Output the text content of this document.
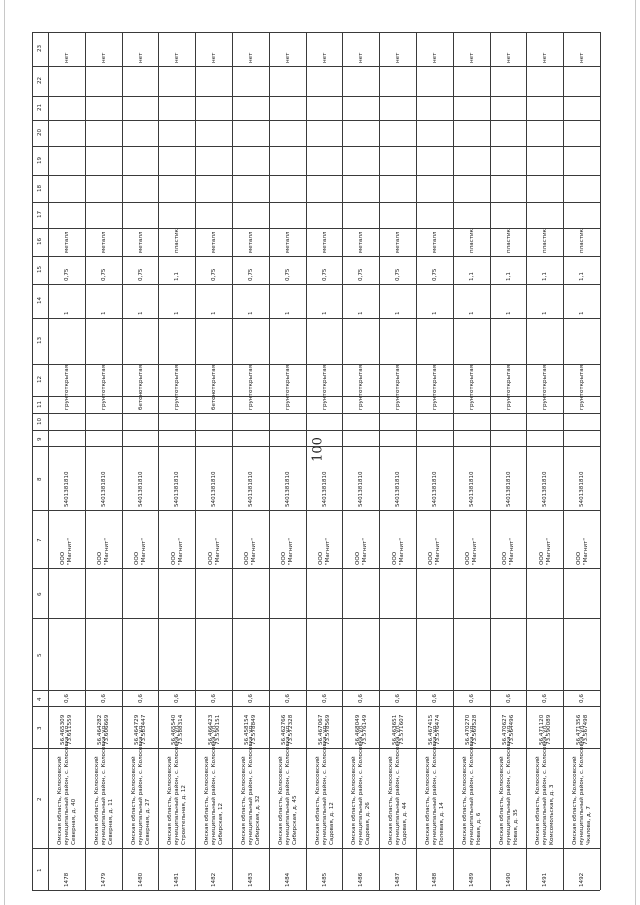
100
1
2
3
4
5
6
7
8
9
10
11
12
13
14
15
16
17
18
19
20
21
22
23
1478
Омская область, Колосовский муниципальный район, с. Колосовка, ул. Северная, д. 40
56.465309 73.611559
0,6
ООО "Магнит"
5401381810
грунт
открытая
1
0,75
металл
нет
1479
Омская область, Колосовский муниципальный район, с. Колосовка, ул. Северная, д. 11
56.464282 73.606669
0,6
ООО "Магнит"
5401381810
грунт
открытая
1
0,75
металл
нет
1480
Омская область, Колосовский муниципальный район, с. Колосовка, ул. Северная, д. 27
56.464729 73.583447
0,6
ООО "Магнит"
5401381810
бетон
открытая
1
0,75
металл
нет
1481
Омская область, Колосовский муниципальный район, с. Колосовка, ул. Строительная, д. 12
56.465540 73.588314
0,6
ООО "Магнит"
5401381810
грунт
открытая
1
1,1
пластик
нет
1482
Омская область, Колосовский муниципальный район, с. Колосовка, ул. Сибирская, 12
56.466423 73.590151
0,6
ООО "Магнит"
5401381810
бетон
открытая
1
0,75
металл
нет
1483
Омская область, Колосовский муниципальный район, с. Колосовка, ул. Сибирская, д. 32
56.458154 73.578849
0,6
ООО "Магнит"
5401381810
грунт
открытая
1
0,75
металл
нет
1484
Омская область, Колосовский муниципальный район, с. Колосовка, ул. Сибирская, д. 45
56.462766 73.572328
0,6
ООО "Магнит"
5401381810
грунт
открытая
1
0,75
металл
нет
1485
Омская область, Колосовский муниципальный район, с. Колосовка, ул. Садовая, д. 12
56.467067 73.578569
0,6
ООО "Магнит"
5401381810
грунт
открытая
1
0,75
металл
нет
1486
Омская область, Колосовский муниципальный район, с. Колосовка, ул. Садовая, д. 26
56.468049 73.576149
0,6
ООО "Магнит"
5401381810
грунт
открытая
1
0,75
металл
нет
1487
Омская область, Колосовский муниципальный район, с. Колосовка, ул. Садовая, д. 44
56.463651 73.571607
0,6
ООО "Магнит"
5401381810
грунт
открытая
1
0,75
металл
нет
1488
Омская область, Колосовский муниципальный район, с. Колосовка, ул. Полевая, д. 14
56.467415 73.576474
0,6
ООО "Магнит"
5401381810
грунт
открытая
1
0,75
металл
нет
1489
Омская область, Колосовский муниципальный район, с. Колосовка, ул. Новая, д. 6
56.470270 73.569528
0,6
ООО "Магнит"
5401381810
грунт
открытая
1
1,1
пластик
нет
1490
Омская область, Колосовский муниципальный район, с. Колосовка, ул. Новая, д. 35
56.470627 73.564496
0,6
ООО "Магнит"
5401381810
грунт
открытая
1
1,1
пластик
нет
1491
Омская область, Колосовский муниципальный район, с. Колосовка, ул. Комсомольская, д. 3
56.471120 73.590089
0,6
ООО "Магнит"
5401381810
грунт
открытая
1
1,1
пластик
нет
1492
Омская область, Колосовский муниципальный район, с. Колосовка, ул. Чкалова, д. 7
56.471356 73.567498
0,6
ООО "Магнит"
5401381810
грунт
открытая
1
1,1
пластик
нет
